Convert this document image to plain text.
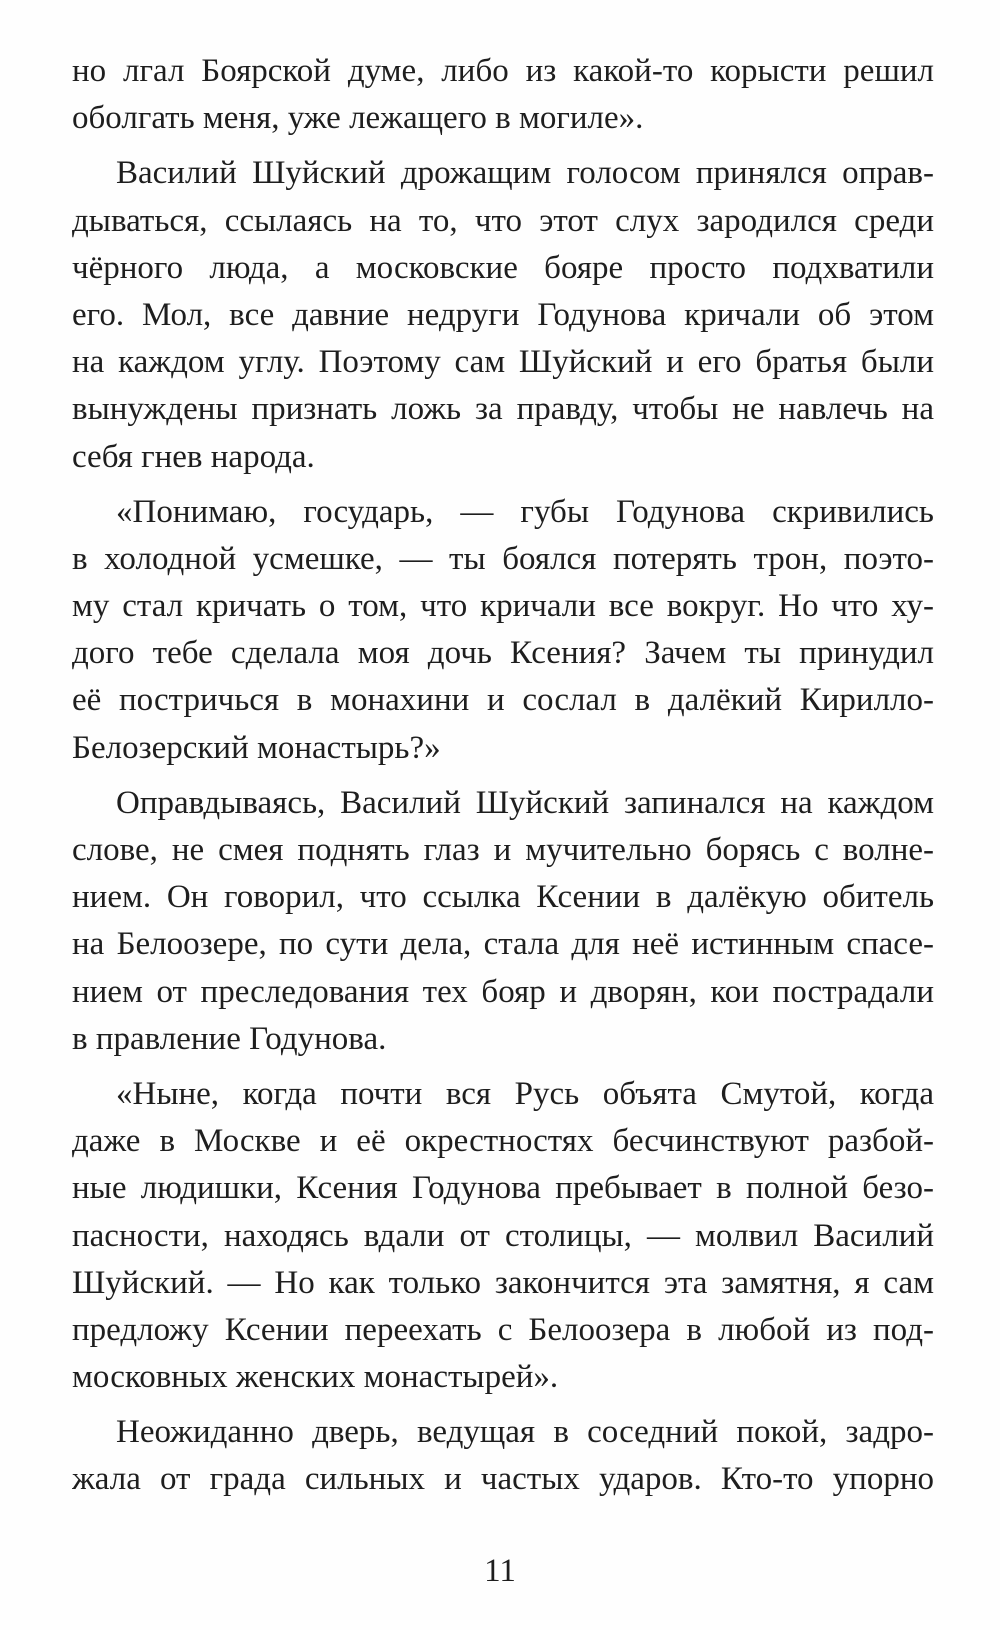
но лгал Боярской думе, либо из какой-то корысти решил
оболгать меня, уже лежащего в могиле».
Василий Шуйский дрожащим голосом принялся оправ-
дываться, ссылаясь на то, что этот слух зародился среди
чёрного люда, а московские бояре просто подхватили
его. Мол, все давние недруги Годунова кричали об этом
на каждом углу. Поэтому сам Шуйский и его братья были
вынуждены признать ложь за правду, чтобы не навлечь на
себя гнев народа.
«Понимаю, государь, — губы Годунова скривились
в холодной усмешке, — ты боялся потерять трон, поэто-
му стал кричать о том, что кричали все вокруг. Но что ху-
дого тебе сделала моя дочь Ксения? Зачем ты принудил
её постричься в монахини и сослал в далёкий Кирилло-
Белозерский монастырь?»
Оправдываясь, Василий Шуйский запинался на каждом
слове, не смея поднять глаз и мучительно борясь с волне-
нием. Он говорил, что ссылка Ксении в далёкую обитель
на Белоозере, по сути дела, стала для неё истинным спасе-
нием от преследования тех бояр и дворян, кои пострадали
в правление Годунова.
«Ныне, когда почти вся Русь объята Смутой, когда
даже в Москве и её окрестностях бесчинствуют разбой-
ные людишки, Ксения Годунова пребывает в полной безо-
пасности, находясь вдали от столицы, — молвил Василий
Шуйский. — Но как только закончится эта замятня, я сам
предложу Ксении переехать с Белоозера в любой из под-
московных женских монастырей».
Неожиданно дверь, ведущая в соседний покой, задро-
жала от града сильных и частых ударов. Кто-то упорно
11
